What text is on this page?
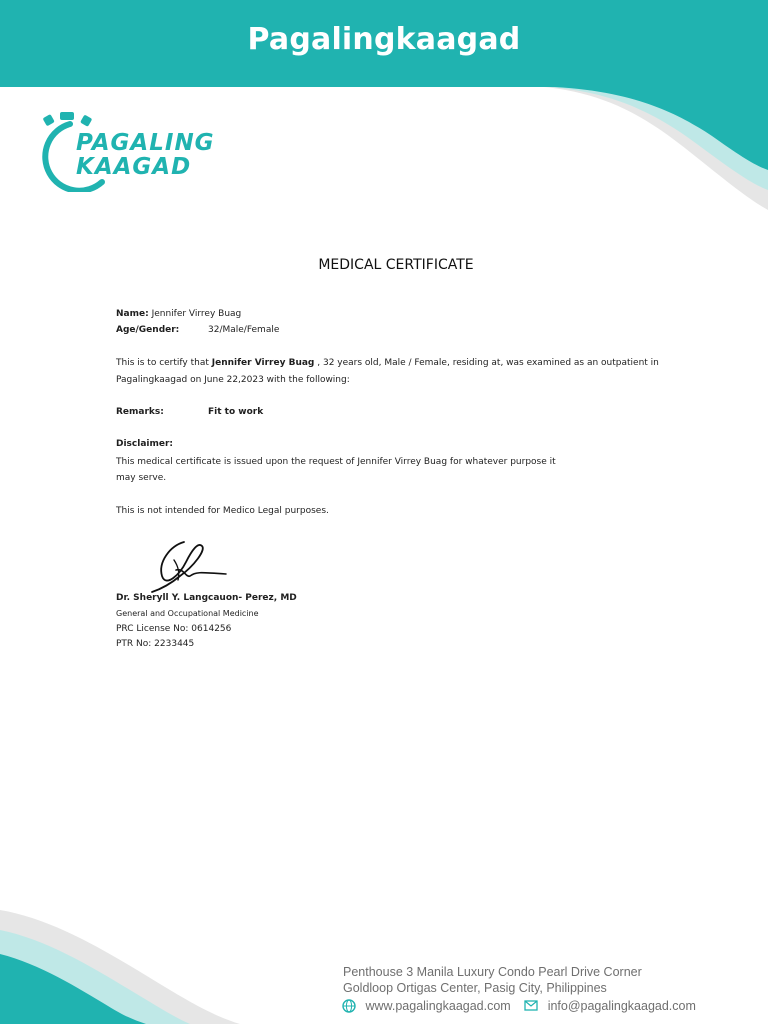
Pagalingkaagad
PAGALING
KAAGAD
MEDICAL CERTIFICATE
Name: Jennifer Virrey Buag
Age/Gender:	32/Male/Female
This is to certify that Jennifer Virrey Buag , 32 years old, Male / Female, residing at, was examined as an outpatient in
Pagalingkaagad on June 22,2023 with the following:
Remarks:	Fit to work
Disclaimer:
This medical certificate is issued upon the request of Jennifer Virrey Buag for whatever purpose it
may serve.
This is not intended for Medico Legal purposes.
Dr. Sheryll Y. Langcauon- Perez, MD
General and Occupational Medicine
PRC License No: 0614256
PTR No: 2233445
Penthouse 3 Manila Luxury Condo Pearl Drive Corner
Goldloop Ortigas Center, Pasig City, Philippines
www.pagalingkaagad.com	info@pagalingkaagad.com
